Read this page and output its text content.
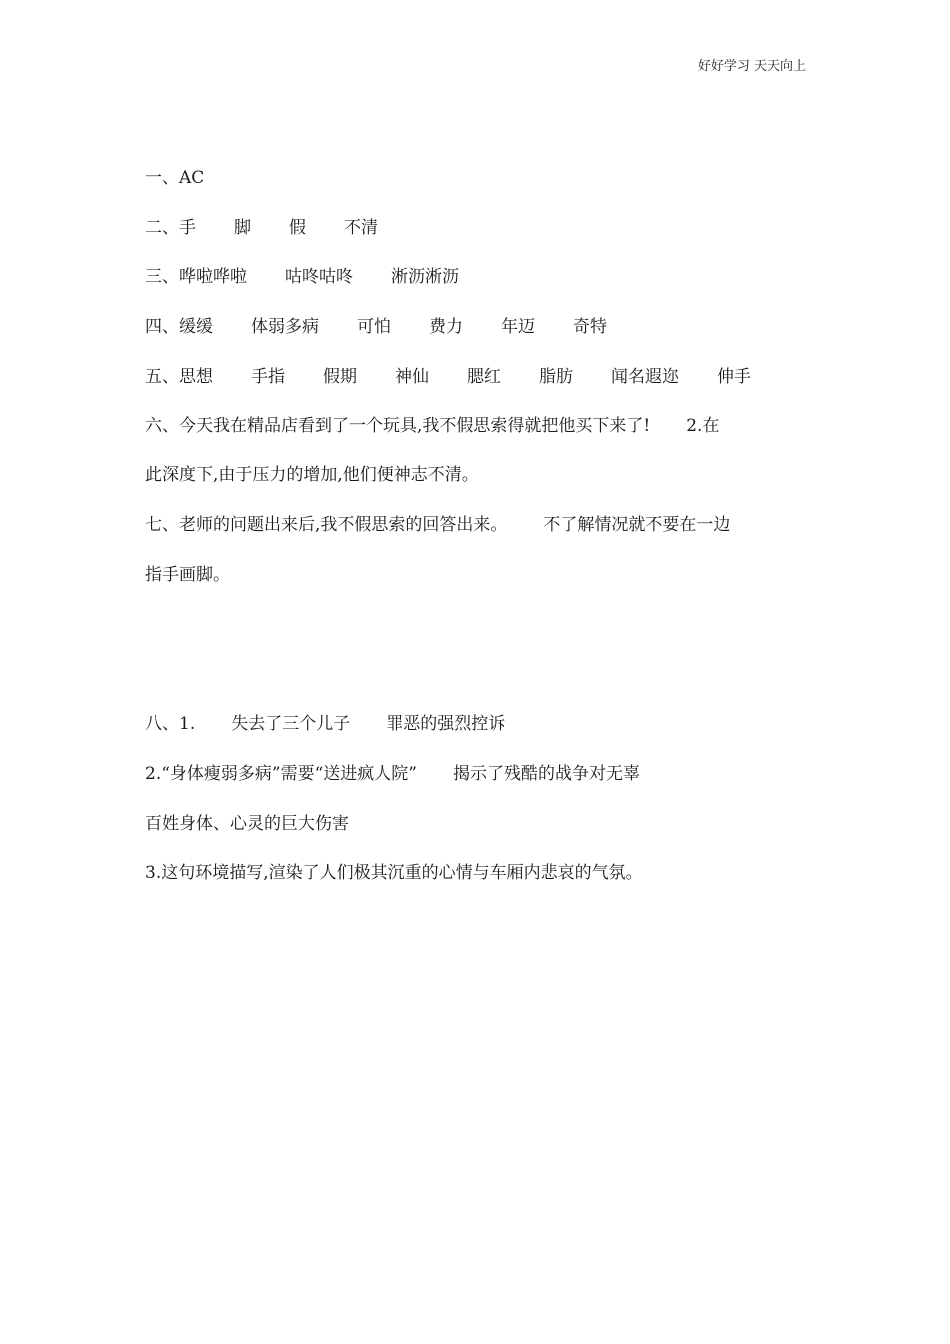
好好学习 天天向上
一、AC
二、手 脚 假 不清
三、哗啦哗啦 咕咚咕咚 淅沥淅沥
四、缓缓 体弱多病 可怕 费力 年迈 奇特
五、思想 手指 假期 神仙 腮红 脂肪 闻名遐迩 伸手
六、今天我在精品店看到了一个玩具,我不假思索得就把他买下来了! 2.在
此深度下,由于压力的增加,他们便神志不清。
七、老师的问题出来后,我不假思索的回答出来。 不了解情况就不要在一边
指手画脚。
八、1. 失去了三个儿子 罪恶的强烈控诉
2.“身体瘦弱多病”需要“送进疯人院” 揭示了残酷的战争对无辜
百姓身体、心灵的巨大伤害
3.这句环境描写,渲染了人们极其沉重的心情与车厢内悲哀的气氛。
